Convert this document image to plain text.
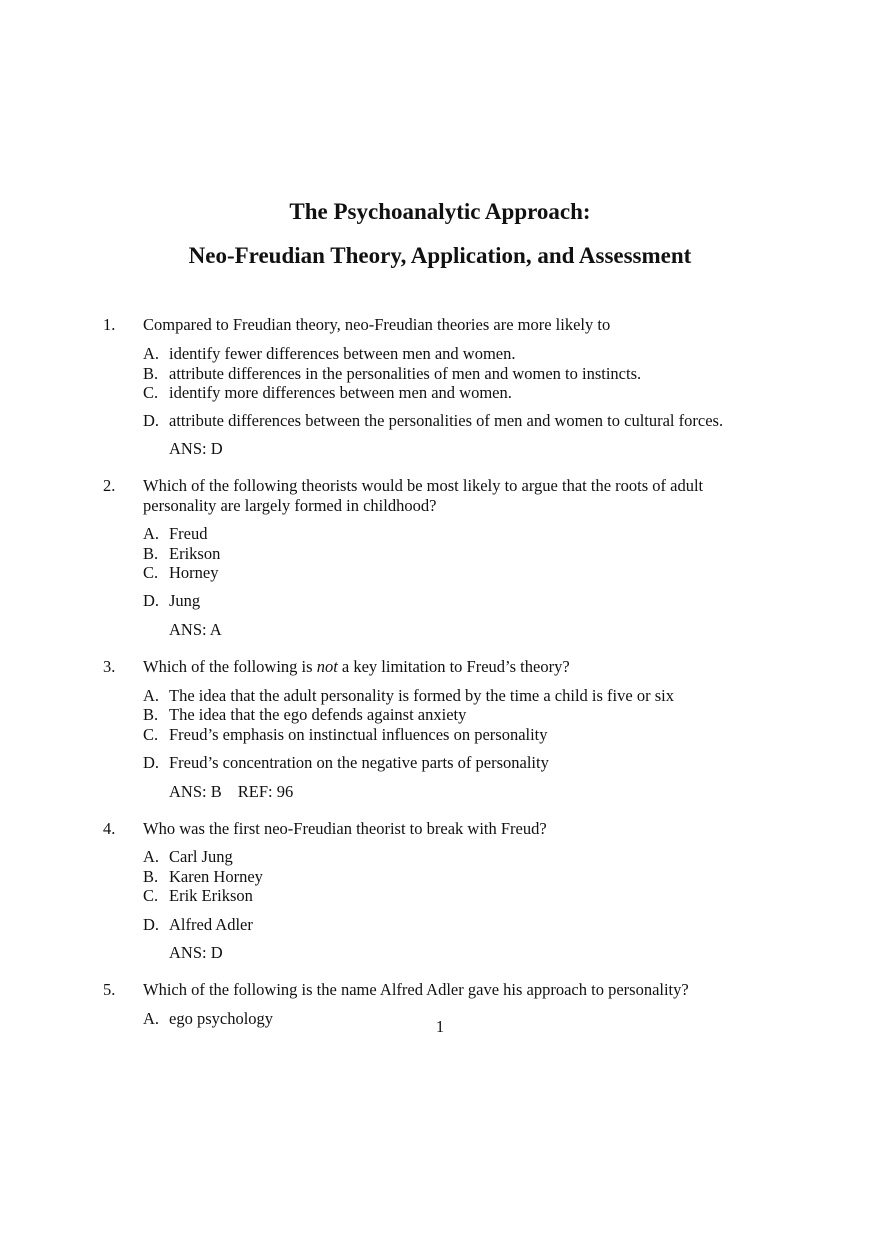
The Psychoanalytic Approach:
Neo-Freudian Theory, Application, and Assessment
1. Compared to Freudian theory, neo-Freudian theories are more likely to
A. identify fewer differences between men and women.
B. attribute differences in the personalities of men and women to instincts.
C. identify more differences between men and women.
D. attribute differences between the personalities of men and women to cultural forces.
ANS: D
2. Which of the following theorists would be most likely to argue that the roots of adult personality are largely formed in childhood?
A. Freud
B. Erikson
C. Horney
D. Jung
ANS: A
3. Which of the following is not a key limitation to Freud’s theory?
A. The idea that the adult personality is formed by the time a child is five or six
B. The idea that the ego defends against anxiety
C. Freud’s emphasis on instinctual influences on personality
D. Freud’s concentration on the negative parts of personality
ANS: B REF: 96
4. Who was the first neo-Freudian theorist to break with Freud?
A. Carl Jung
B. Karen Horney
C. Erik Erikson
D. Alfred Adler
ANS: D
5. Which of the following is the name Alfred Adler gave his approach to personality?
A. ego psychology	1
